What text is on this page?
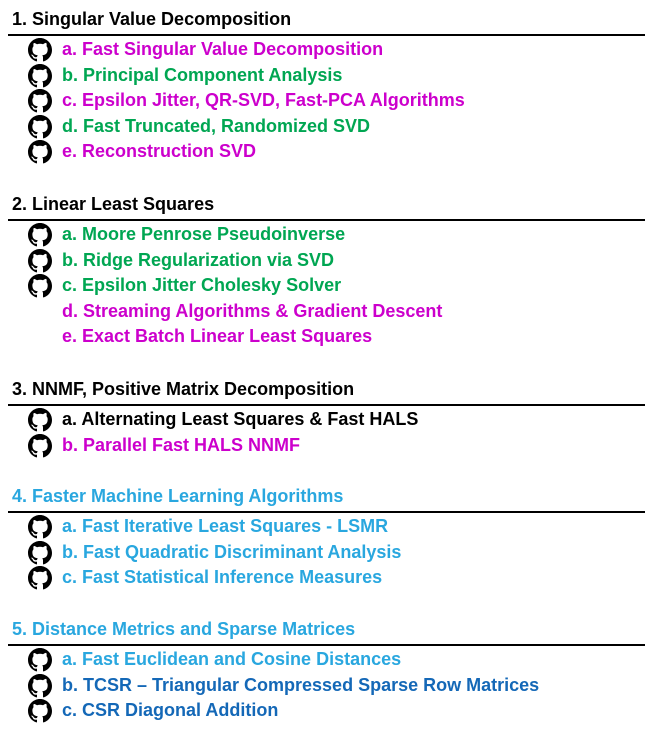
1. Singular Value Decomposition
a. Fast Singular Value Decomposition
b. Principal Component Analysis
c. Epsilon Jitter, QR-SVD, Fast-PCA Algorithms
d. Fast Truncated, Randomized SVD
e. Reconstruction SVD
2. Linear Least Squares
a. Moore Penrose Pseudoinverse
b. Ridge Regularization via SVD
c. Epsilon Jitter Cholesky Solver
d. Streaming Algorithms & Gradient Descent
e. Exact Batch Linear Least Squares
3. NNMF, Positive Matrix Decomposition
a. Alternating Least Squares & Fast HALS
b. Parallel Fast HALS NNMF
4. Faster Machine Learning Algorithms
a. Fast Iterative Least Squares - LSMR
b. Fast Quadratic Discriminant Analysis
c. Fast Statistical Inference Measures
5. Distance Metrics and Sparse Matrices
a. Fast Euclidean and Cosine Distances
b. TCSR – Triangular Compressed Sparse Row Matrices
c. CSR Diagonal Addition
